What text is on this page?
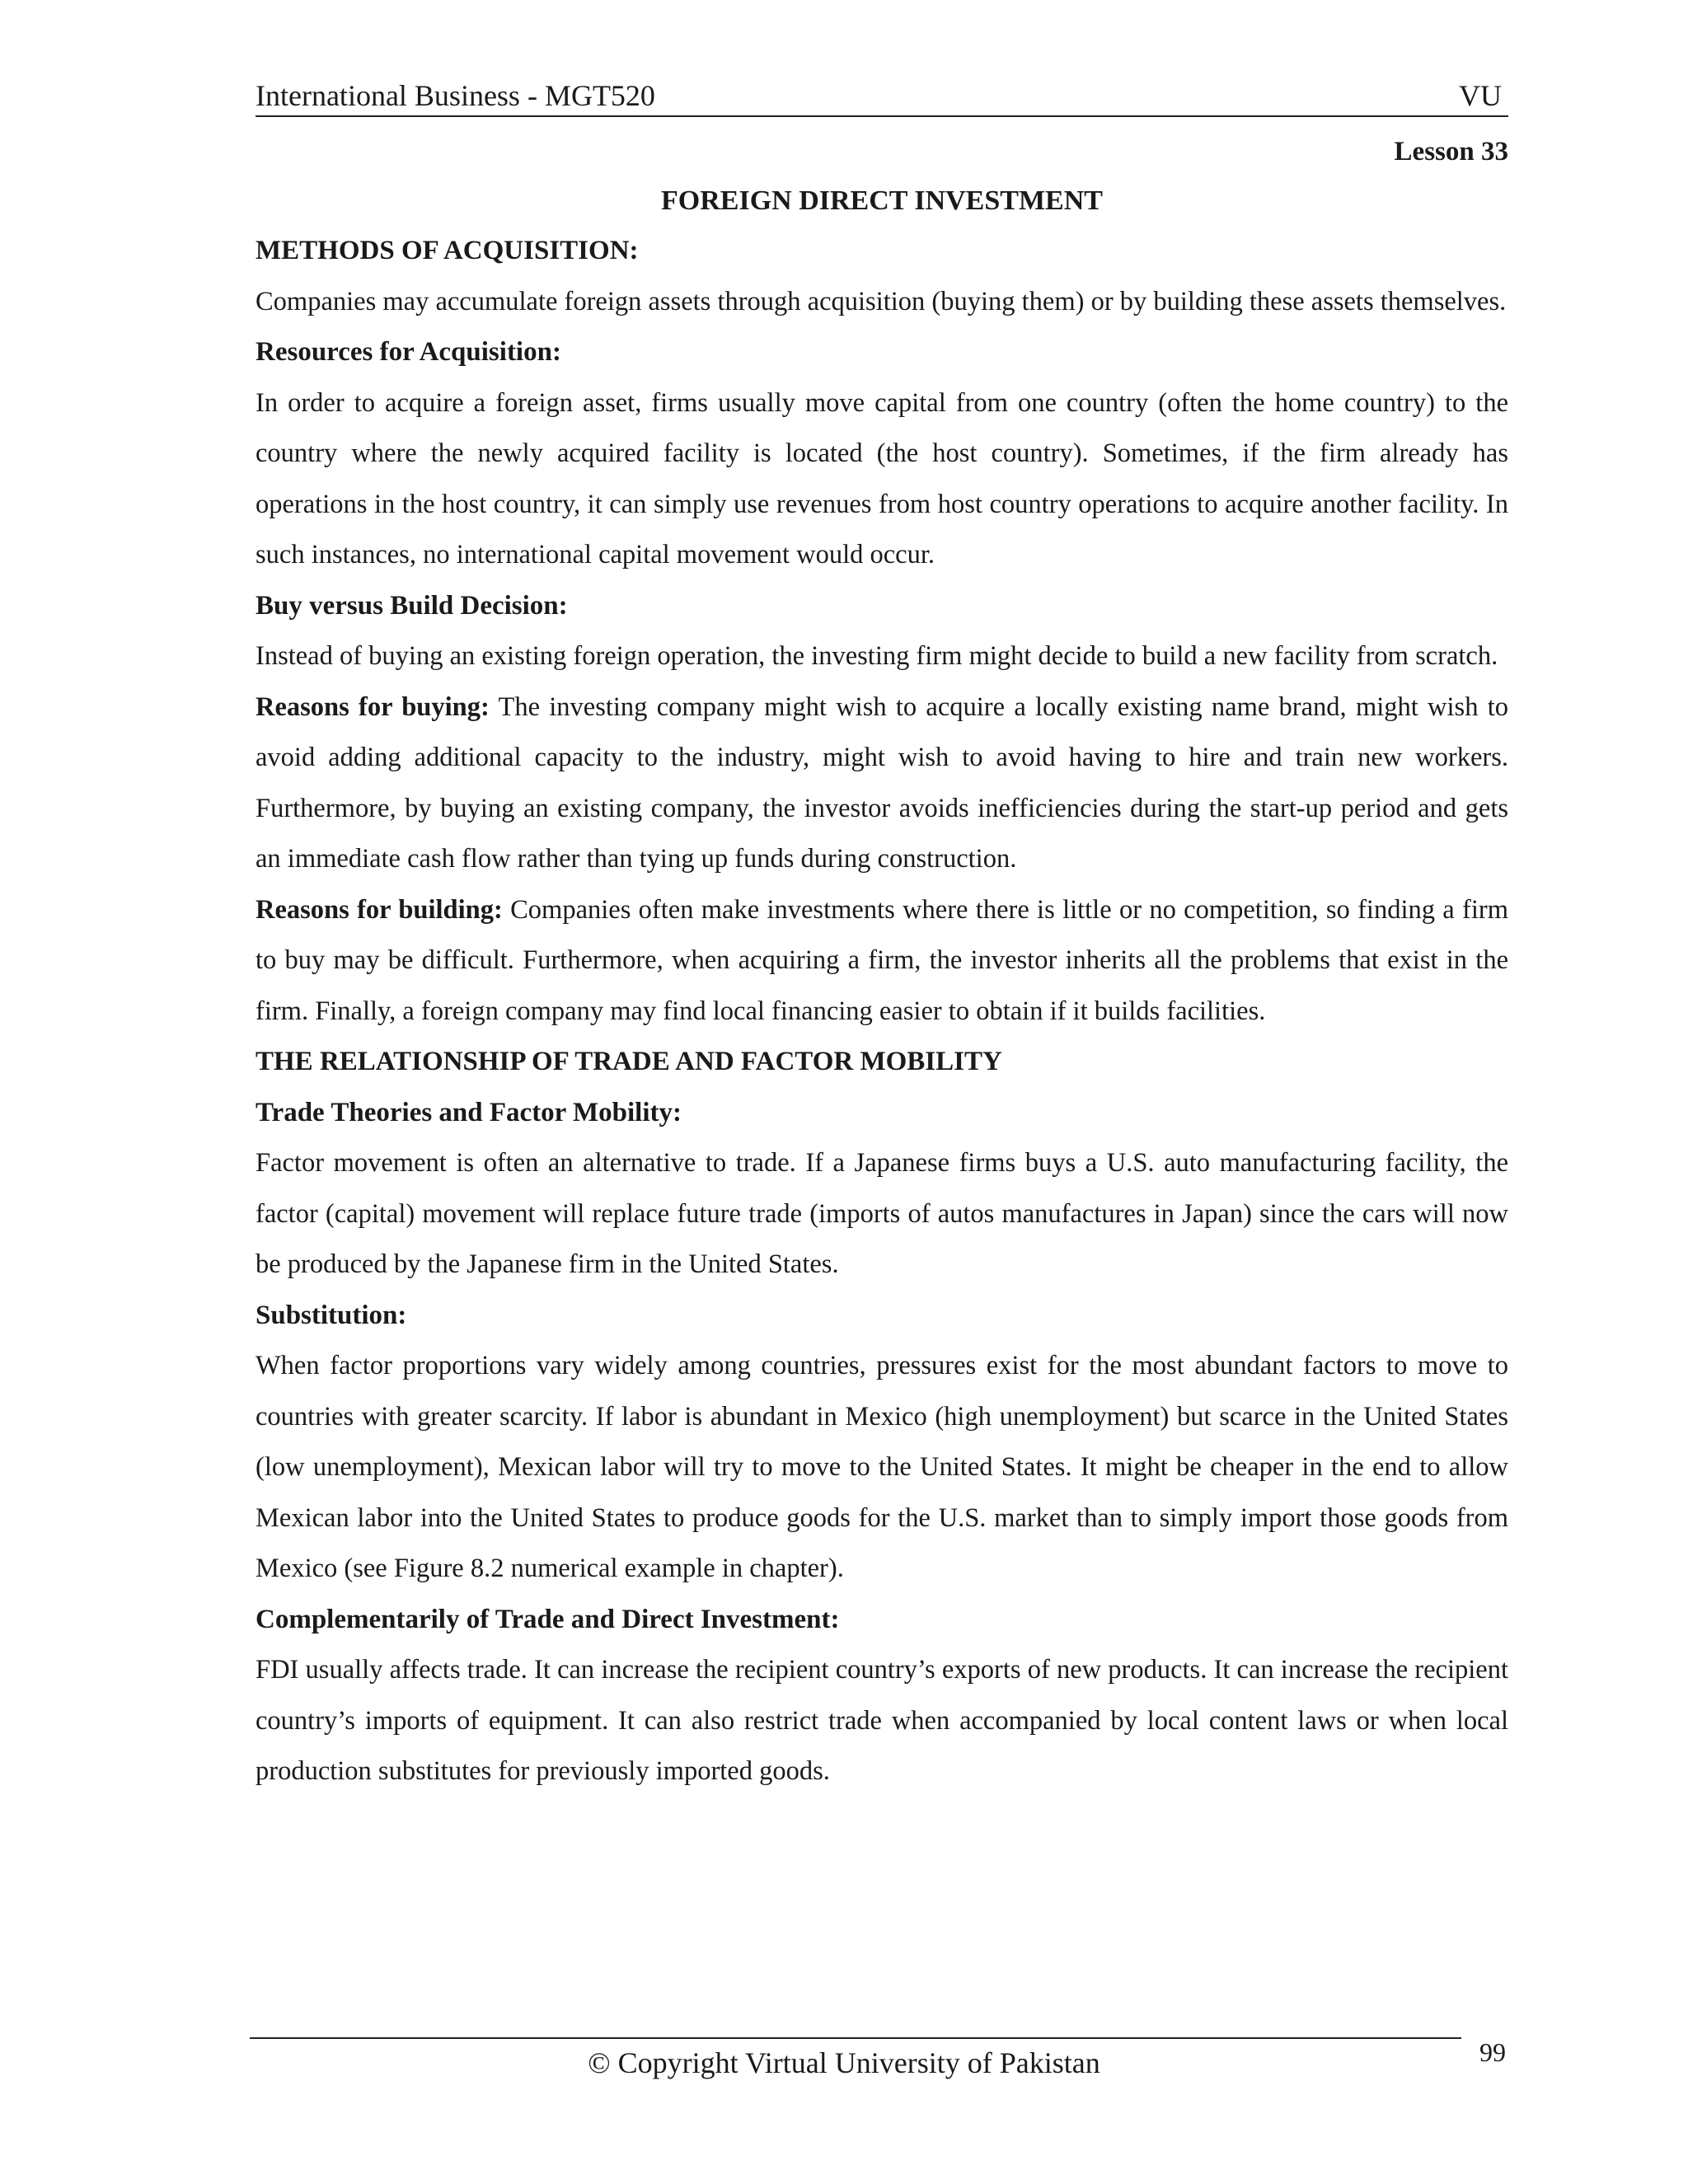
International Business - MGT520	VU
Lesson 33
FOREIGN DIRECT INVESTMENT
METHODS OF ACQUISITION:

Companies may accumulate foreign assets through acquisition (buying them) or by building these assets themselves.

Resources for Acquisition:

In order to acquire a foreign asset, firms usually move capital from one country (often the home country) to the country where the newly acquired facility is located (the host country). Sometimes, if the firm already has operations in the host country, it can simply use revenues from host country operations to acquire another facility. In such instances, no international capital movement would occur.

Buy versus Build Decision:

Instead of buying an existing foreign operation, the investing firm might decide to build a new facility from scratch.

Reasons for buying: The investing company might wish to acquire a locally existing name brand, might wish to avoid adding additional capacity to the industry, might wish to avoid having to hire and train new workers. Furthermore, by buying an existing company, the investor avoids inefficiencies during the start-up period and gets an immediate cash flow rather than tying up funds during construction.

Reasons for building: Companies often make investments where there is little or no competition, so finding a firm to buy may be difficult. Furthermore, when acquiring a firm, the investor inherits all the problems that exist in the firm. Finally, a foreign company may find local financing easier to obtain if it builds facilities.

THE RELATIONSHIP OF TRADE AND FACTOR MOBILITY
Trade Theories and Factor Mobility:

Factor movement is often an alternative to trade. If a Japanese firms buys a U.S. auto manufacturing facility, the factor (capital) movement will replace future trade (imports of autos manufactures in Japan) since the cars will now be produced by the Japanese firm in the United States.

Substitution:

When factor proportions vary widely among countries, pressures exist for the most abundant factors to move to countries with greater scarcity. If labor is abundant in Mexico (high unemployment) but scarce in the United States (low unemployment), Mexican labor will try to move to the United States. It might be cheaper in the end to allow Mexican labor into the United States to produce goods for the U.S. market than to simply import those goods from Mexico (see Figure 8.2 numerical example in chapter).

Complementarily of Trade and Direct Investment:

FDI usually affects trade. It can increase the recipient country’s exports of new products. It can increase the recipient country’s imports of equipment. It can also restrict trade when accompanied by local content laws or when local production substitutes for previously imported goods.

© Copyright Virtual University of Pakistan	99
